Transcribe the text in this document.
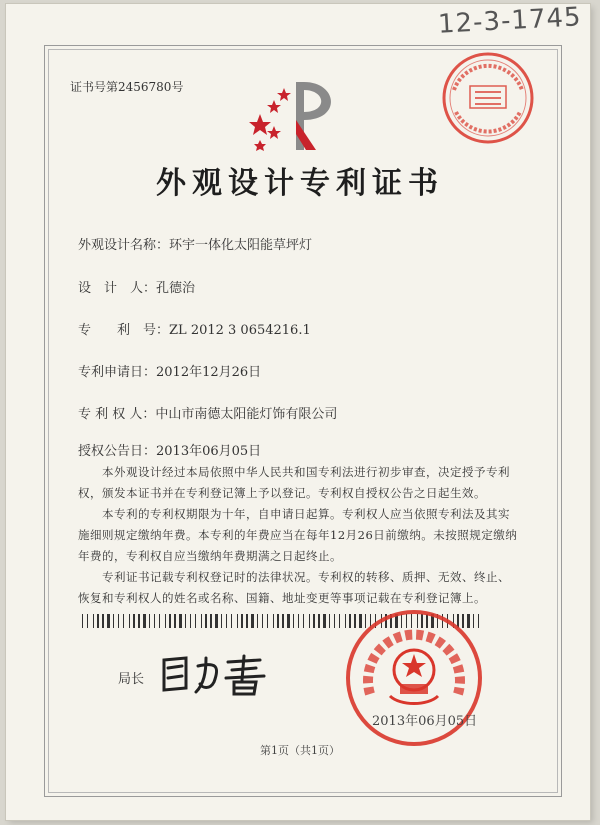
12-3-1745
证书号第2456780号
外观设计专利证书
外观设计名称：环宇一体化太阳能草坪灯
设　计　人：孔德治
专　　利　号：ZL 2012 3 0654216.1
专利申请日：2012年12月26日
专 利 权 人：中山市南德太阳能灯饰有限公司
授权公告日：2013年06月05日
本外观设计经过本局依照中华人民共和国专利法进行初步审查，决定授予专利权，颁发本证书并在专利登记簿上予以登记。专利权自授权公告之日起生效。
本专利的专利权期限为十年，自申请日起算。专利权人应当依照专利法及其实施细则规定缴纳年费。本专利的年费应当在每年12月26日前缴纳。未按照规定缴纳年费的，专利权自应当缴纳年费期满之日起终止。
专利证书记载专利权登记时的法律状况。专利权的转移、质押、无效、终止、恢复和专利权人的姓名或名称、国籍、地址变更等事项记载在专利登记簿上。
局长
2013年06月05日
第1页（共1页）
